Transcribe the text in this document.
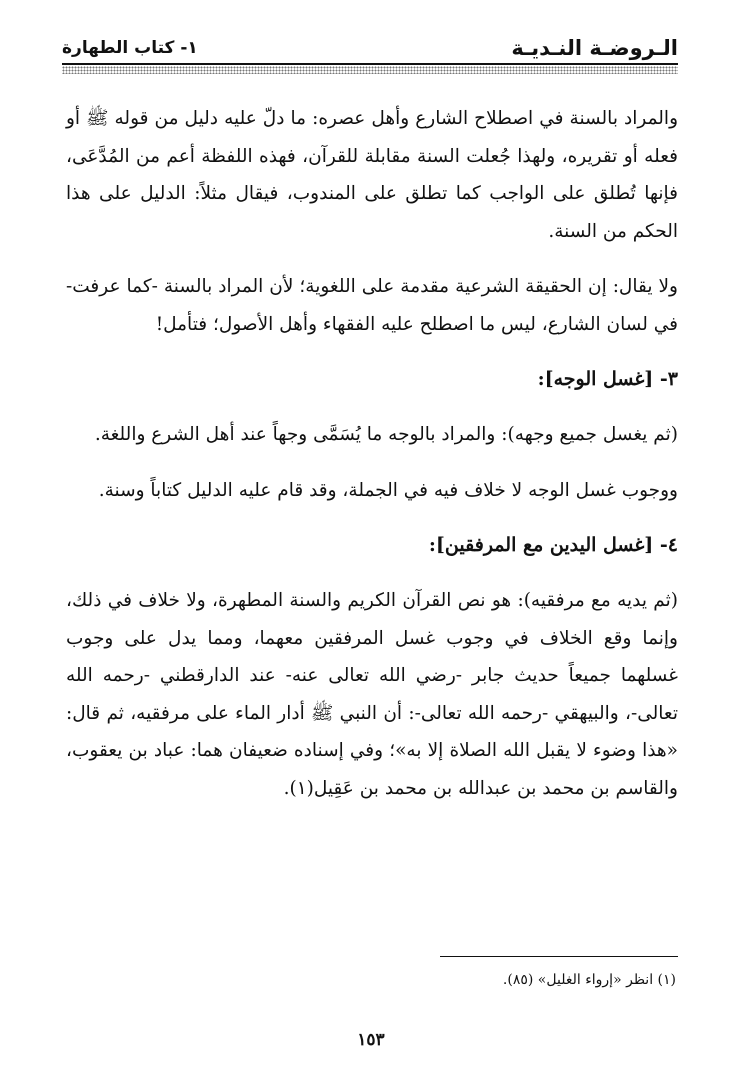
الـروضـة النـديـة
١- كتاب الطهارة

والمراد بالسنة في اصطلاح الشارع وأهل عصره: ما دلّ عليه دليل من قوله ﷺ أو فعله أو تقريره، ولهذا جُعلت السنة مقابلة للقرآن، فهذه اللفظة أعم من المُدَّعَى، فإنها تُطلق على الواجب كما تطلق على المندوب، فيقال مثلاً: الدليل على هذا الحكم من السنة.

ولا يقال: إن الحقيقة الشرعية مقدمة على اللغوية؛ لأن المراد بالسنة -كما عرفت- في لسان الشارع، ليس ما اصطلح عليه الفقهاء وأهل الأصول؛ فتأمل!

٣- [غسل الوجه]:

(ثم يغسل جميع وجهه): والمراد بالوجه ما يُسَمَّى وجهاً عند أهل الشرع واللغة.

ووجوب غسل الوجه لا خلاف فيه في الجملة، وقد قام عليه الدليل كتاباً وسنة.

٤- [غسل اليدين مع المرفقين]:

(ثم يديه مع مرفقيه): هو نص القرآن الكريم والسنة المطهرة، ولا خلاف في ذلك، وإنما وقع الخلاف في وجوب غسل المرفقين معهما، ومما يدل على وجوب غسلهما جميعاً حديث جابر -رضي الله تعالى عنه- عند الدارقطني -رحمه الله تعالى-، والبيهقي -رحمه الله تعالى-: أن النبي ﷺ أدار الماء على مرفقيه، ثم قال: «هذا وضوء لا يقبل الله الصلاة إلا به»؛ وفي إسناده ضعيفان هما: عباد بن يعقوب، والقاسم بن محمد بن عبدالله بن محمد بن عَقِيل(١).

(١) انظر «إرواء الغليل» (٨٥).
١٥٣
